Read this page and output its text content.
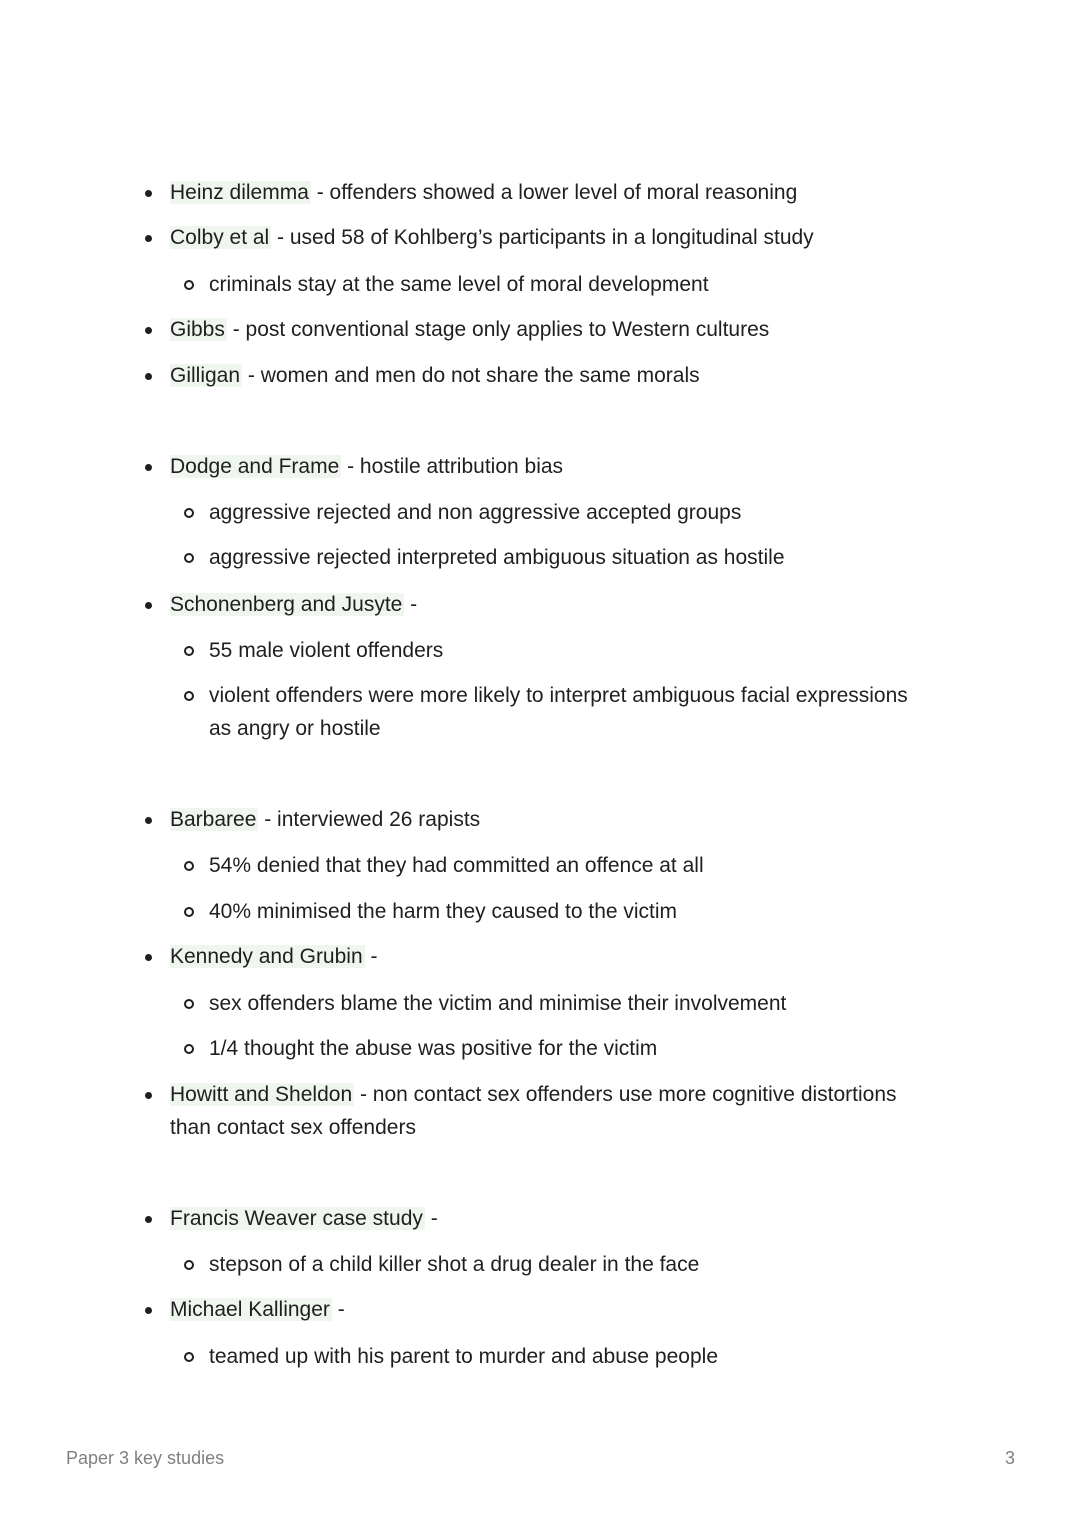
Heinz dilemma - offenders showed a lower level of moral reasoning
Colby et al - used 58 of Kohlberg’s participants in a longitudinal study
criminals stay at the same level of moral development
Gibbs - post conventional stage only applies to Western cultures
Gilligan - women and men do not share the same morals
Dodge and Frame - hostile attribution bias
aggressive rejected and non aggressive accepted groups
aggressive rejected interpreted ambiguous situation as hostile
Schonenberg and Jusyte -
55 male violent offenders
violent offenders were more likely to interpret ambiguous facial expressions
as angry or hostile
Barbaree - interviewed 26 rapists
54% denied that they had committed an offence at all
40% minimised the harm they caused to the victim
Kennedy and Grubin -
sex offenders blame the victim and minimise their involvement
1/4 thought the abuse was positive for the victim
Howitt and Sheldon - non contact sex offenders use more cognitive distortions
than contact sex offenders
Francis Weaver case study -
stepson of a child killer shot a drug dealer in the face
Michael Kallinger -
teamed up with his parent to murder and abuse people
Paper 3 key studies	3
